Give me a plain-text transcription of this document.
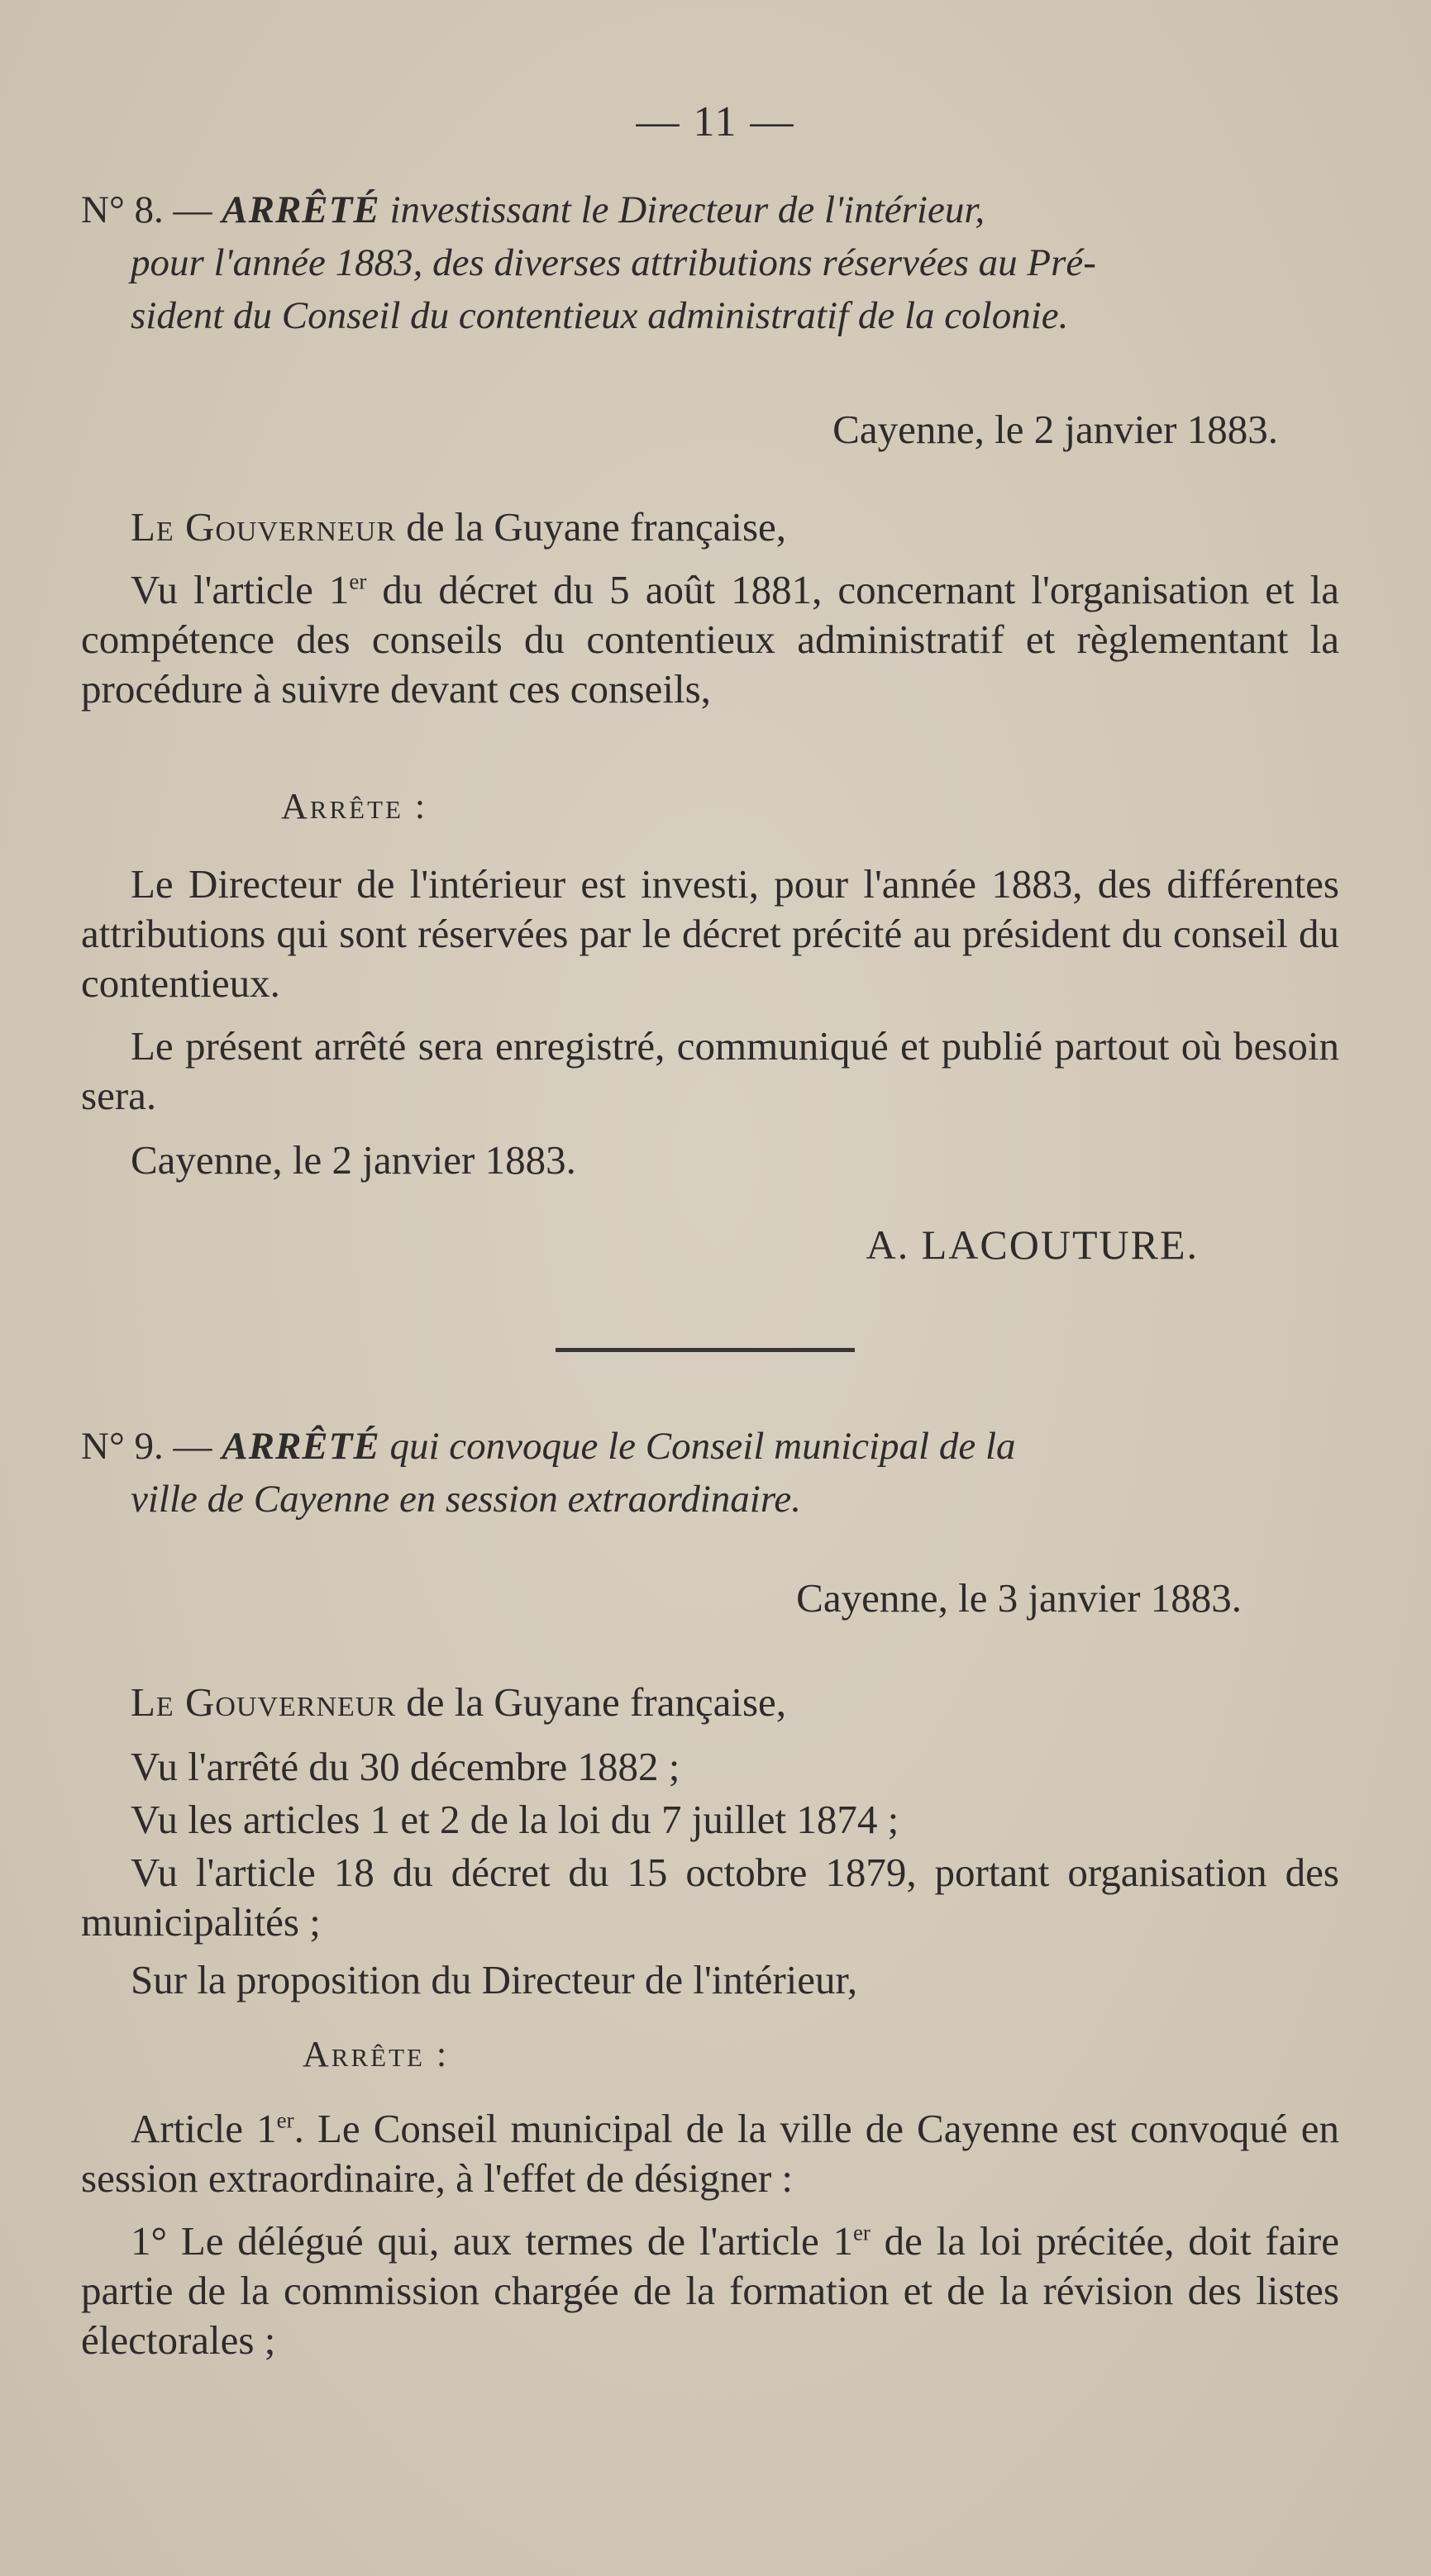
— 11 —
N° 8. — ARRÊTÉ investissant le Directeur de l'intérieur,
pour l'année 1883, des diverses attributions réservées au Pré-
sident du Conseil du contentieux administratif de la colonie.

Cayenne, le 2 janvier 1883.

Le Gouverneur de la Guyane française,

Vu l'article 1er du décret du 5 août 1881, concernant l'organisation et la compétence des conseils du contentieux administratif et règlementant la procédure à suivre devant ces conseils,

Arrête :

Le Directeur de l'intérieur est investi, pour l'année 1883, des différentes attributions qui sont réservées par le décret précité au président du conseil du contentieux.

Le présent arrêté sera enregistré, communiqué et publié partout où besoin sera.

Cayenne, le 2 janvier 1883.

A. LACOUTURE.

N° 9. — ARRÊTÉ qui convoque le Conseil municipal de la
ville de Cayenne en session extraordinaire.

Cayenne, le 3 janvier 1883.

Le Gouverneur de la Guyane française,

Vu l'arrêté du 30 décembre 1882 ;

Vu les articles 1 et 2 de la loi du 7 juillet 1874 ;

Vu l'article 18 du décret du 15 octobre 1879, portant organisation des municipalités ;

Sur la proposition du Directeur de l'intérieur,

Arrête :

Article 1er. Le Conseil municipal de la ville de Cayenne est convoqué en session extraordinaire, à l'effet de désigner :

1° Le délégué qui, aux termes de l'article 1er de la loi précitée, doit faire partie de la commission chargée de la formation et de la révision des listes électorales ;
